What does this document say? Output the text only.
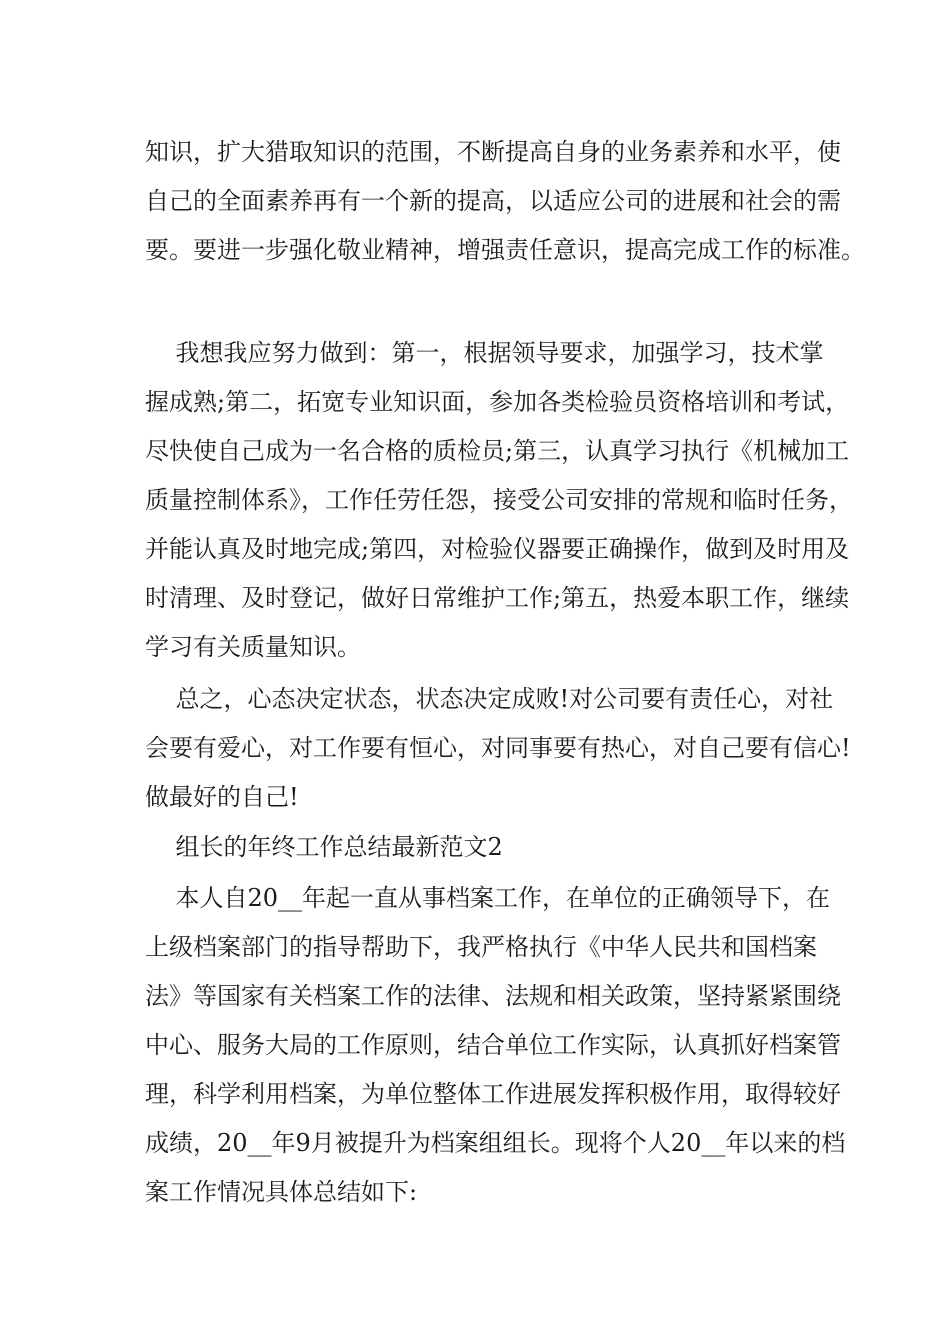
知识，扩大猎取知识的范围，不断提高自身的业务素养和水平，使

自己的全面素养再有一个新的提高，以适应公司的进展和社会的需

要。要进一步强化敬业精神，增强责任意识，提高完成工作的标准。

我想我应努力做到：第一，根据领导要求，加强学习，技术掌

握成熟;第二，拓宽专业知识面，参加各类检验员资格培训和考试，

尽快使自己成为一名合格的质检员;第三，认真学习执行《机械加工

质量控制体系》，工作任劳任怨，接受公司安排的常规和临时任务，

并能认真及时地完成;第四，对检验仪器要正确操作，做到及时用及

时清理、及时登记，做好日常维护工作;第五，热爱本职工作，继续

学习有关质量知识。

总之，心态决定状态，状态决定成败!对公司要有责任心，对社

会要有爱心，对工作要有恒心，对同事要有热心，对自己要有信心!

做最好的自己!

组长的年终工作总结最新范文2

本人自20__年起一直从事档案工作，在单位的正确领导下，在

上级档案部门的指导帮助下，我严格执行《中华人民共和国档案

法》等国家有关档案工作的法律、法规和相关政策，坚持紧紧围绕

中心、服务大局的工作原则，结合单位工作实际，认真抓好档案管

理，科学利用档案，为单位整体工作进展发挥积极作用，取得较好

成绩，20__年9月被提升为档案组组长。现将个人20__年以来的档

案工作情况具体总结如下:
